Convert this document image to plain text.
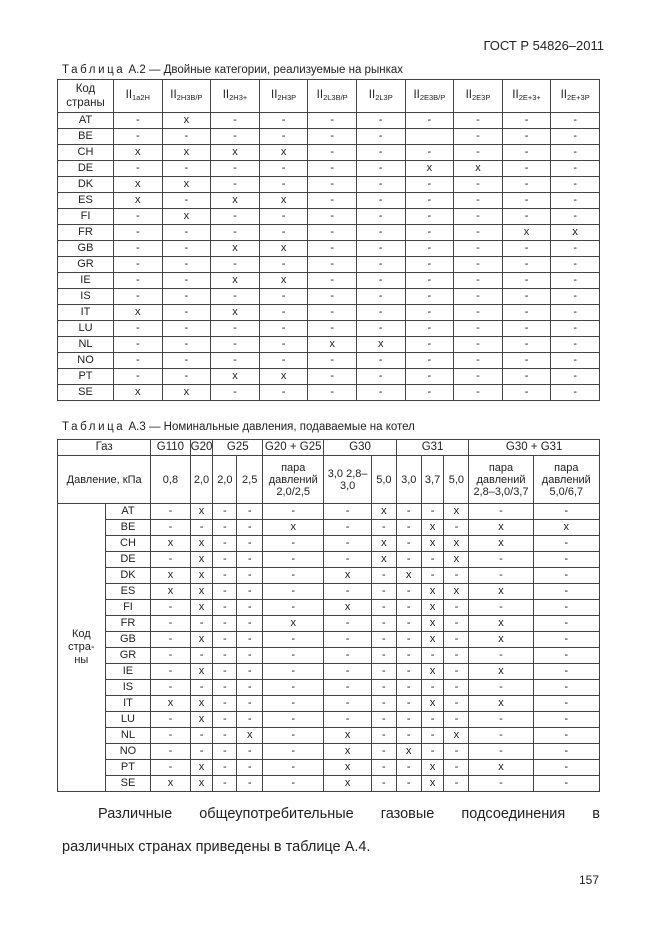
ГОСТ Р 54826–2011
Таблица А.2 — Двойные категории, реализуемые на рынках
Код
страны	$II_{1a2H}$	$II_{2H3B/P}$	$II_{2H3+}$	$II_{2H3P}$	$II_{2L3B/P}$	$II_{2L3P}$	$II_{2E3B/P}$	$II_{2E3P}$	$II_{2E+3+}$	$II_{2E+3P}$
AT	-	x	-	-	-	-	-	-	-	-
BE	-	-	-	-	-	-		-	-	-
CH	x	x	x	x	-	-	-	-	-	-
DE	-	-	-	-	-	-	x	x	-	-
DK	x	x	-	-	-	-	-	-	-	-
ES	x	-	x	x	-	-	-	-	-	-
FI	-	x	-	-	-	-	-	-	-	-
FR	-	-	-	-	-	-	-	-	x	x
GB	-	-	x	x	-	-	-	-	-	-
GR	-	-	-	-	-	-	-	-	-	-
IE	-	-	x	x	-	-	-	-	-	-
IS	-	-	-	-	-	-	-	-	-	-
IT	x	-	x	-	-	-	-	-	-	-
LU	-	-	-	-	-	-	-	-	-	-
NL	-	-	-	-	x	x	-	-	-	-
NO	-	-	-	-	-	-	-	-	-	-
PT	-	-	x	x	-	-	-	-	-	-
SE	x	x	-	-	-	-	-	-	-	-
Таблица А.3 — Номинальные давления, подаваемые на котел
Газ		G110	G20	G25		G20 + G25	G30		G31			G30 + G31	
Давление, кПа		0,8	2,0	2,0	2,5	пара давлений 2,0/2,5	3,0 2,8–3,0	5,0	3,0	3,7	5,0	пара давлений 2,8–3,0/3,7	пара давлений 5,0/6,7
Код стра-ны	AT	-	x	-	-	-	-	x	-	-	x	-	-
	BE	-	-	-	-	x	-	-	-	x	-	x	x
	CH	x	x	-	-	-	-	x	-	x	x	x	-
	DE	-	x	-	-	-	-	x	-	-	x	-	-
	DK	x	x	-	-	-	x	-	x	-	-	-	-
	ES	x	x	-	-	-	-	-	-	x	x	x	-
	FI	-	x	-	-	-	x	-	-	x	-	-	-
	FR	-	-	-	-	x	-	-	-	x	-	x	-
	GB	-	x	-	-	-	-	-	-	x	-	x	-
	GR	-	-	-	-	-	-	-	-	-	-	-	-
	IE	-	x	-	-	-	-	-	-	x	-	x	-
	IS	-	-	-	-	-	-	-	-	-	-	-	-
	IT	x	x	-	-	-	-	-	-	x	-	x	-
	LU	-	x	-	-	-	-	-	-	-	-	-	-
	NL	-	-	-	x	-	x	-	-	-	x	-	-
	NO	-	-	-	-	-	x	-	x	-	-	-	-
	PT	-	x	-	-	-	x	-	-	x	-	x	-
	SE	x	x	-	-	-	x	-	-	x	-	-	-
Различные общеупотребительные газовые подсоединения в
различных странах приведены в таблице А.4.
157
